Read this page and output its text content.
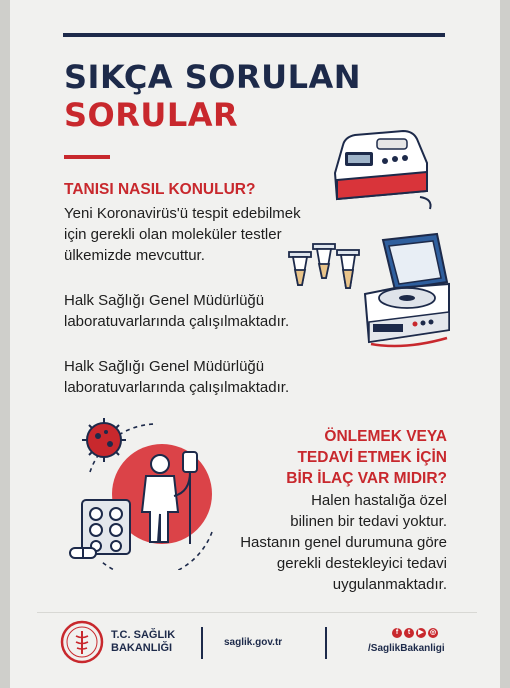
SIKÇA SORULAN
SORULAR
TANISI NASIL KONULUR?

Yeni Koronavirüs'ü tespit edebilmek
için gerekli olan moleküler testler
ülkemizde mevcuttur.

Halk Sağlığı Genel Müdürlüğü
laboratuvarlarında çalışılmaktadır.

Halk Sağlığı Genel Müdürlüğü
laboratuvarlarında çalışılmaktadır.

ÖNLEMEK VEYA
TEDAVİ ETMEK İÇİN
BİR İLAÇ VAR MIDIR?

Halen hastalığa özel
bilinen bir tedavi yoktur.
Hastanın genel durumuna göre
gerekli destekleyici tedavi
uygulanmaktadır.

T.C. SAĞLIK
BAKANLIĞI	saglik.gov.tr
f	t	▶ ◎
/SaglikBakanligi
